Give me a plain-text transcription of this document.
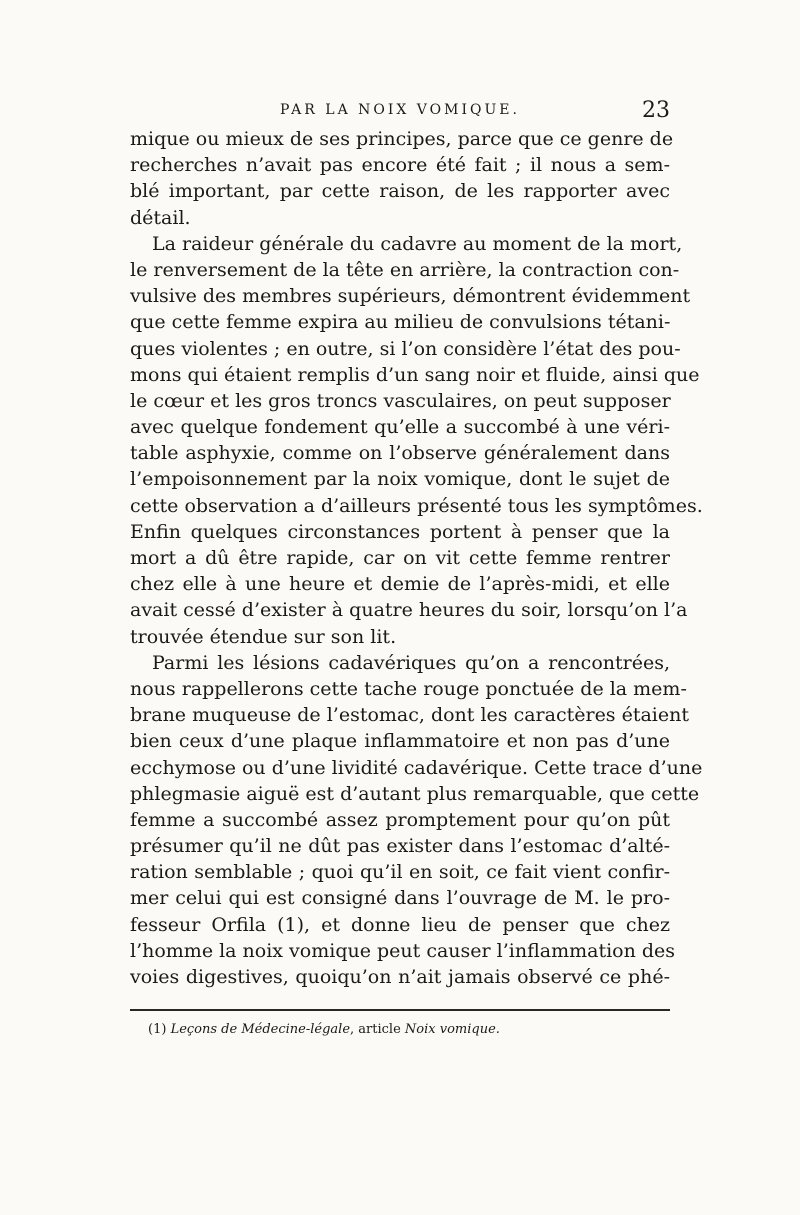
PAR LA NOIX VOMIQUE.	23
mique ou mieux de ses principes, parce que ce genre de
recherches n’avait pas encore été fait ; il nous a sem-
blé important, par cette raison, de les rapporter avec
détail.
La raideur générale du cadavre au moment de la mort,
le renversement de la tête en arrière, la contraction con-
vulsive des membres supérieurs, démontrent évidemment
que cette femme expira au milieu de convulsions tétani-
ques violentes ; en outre, si l’on considère l’état des pou-
mons qui étaient remplis d’un sang noir et fluide, ainsi que
le cœur et les gros troncs vasculaires, on peut supposer
avec quelque fondement qu’elle a succombé à une véri-
table asphyxie, comme on l’observe généralement dans
l’empoisonnement par la noix vomique, dont le sujet de
cette observation a d’ailleurs présenté tous les symptômes.
Enfin quelques circonstances portent à penser que la
mort a dû être rapide, car on vit cette femme rentrer
chez elle à une heure et demie de l’après-midi, et elle
avait cessé d’exister à quatre heures du soir, lorsqu’on l’a
trouvée étendue sur son lit.
Parmi les lésions cadavériques qu’on a rencontrées,
nous rappellerons cette tache rouge ponctuée de la mem-
brane muqueuse de l’estomac, dont les caractères étaient
bien ceux d’une plaque inflammatoire et non pas d’une
ecchymose ou d’une lividité cadavérique. Cette trace d’une
phlegmasie aiguë est d’autant plus remarquable, que cette
femme a succombé assez promptement pour qu’on pût
présumer qu’il ne dût pas exister dans l’estomac d’alté-
ration semblable ; quoi qu’il en soit, ce fait vient confir-
mer celui qui est consigné dans l’ouvrage de M. le pro-
fesseur Orfila (1), et donne lieu de penser que chez
l’homme la noix vomique peut causer l’inflammation des
voies digestives, quoiqu’on n’ait jamais observé ce phé-
(1) Leçons de Médecine-légale, article Noix vomique.
